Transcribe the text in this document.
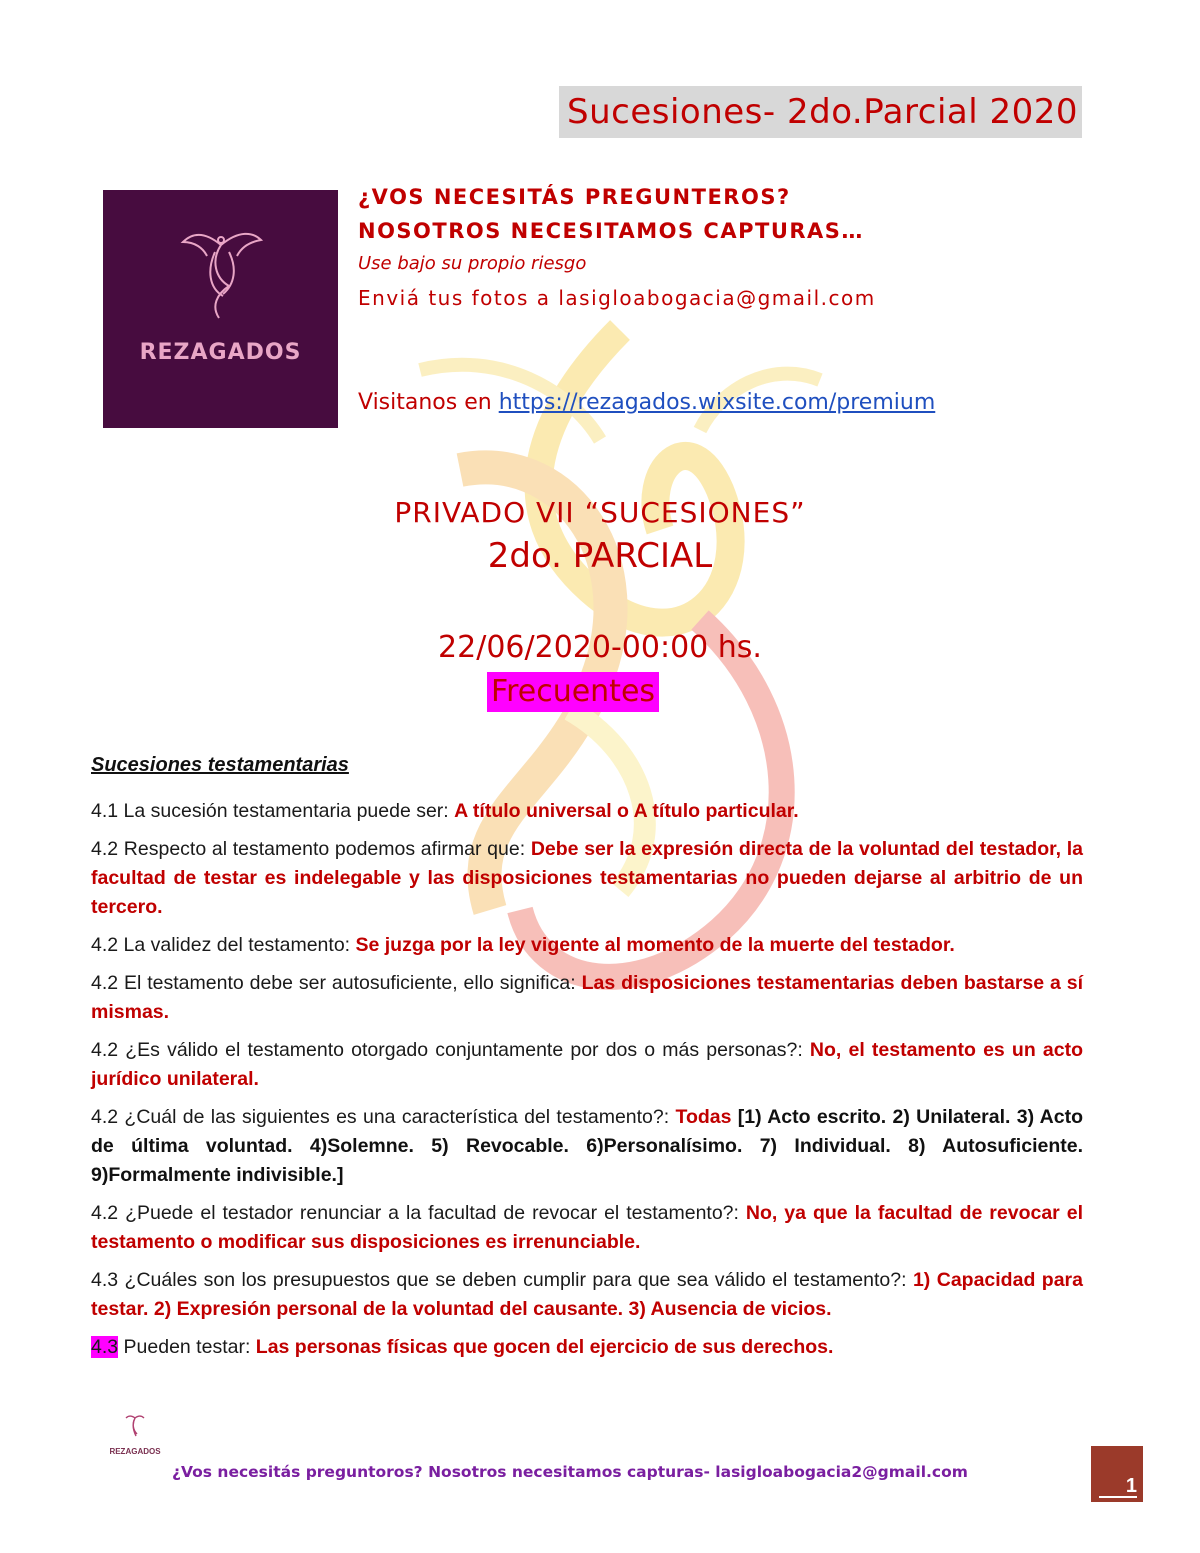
Sucesiones- 2do.Parcial 2020
REZAGADOS
¿VOS NECESITÁS PREGUNTEROS?
NOSOTROS NECESITAMOS CAPTURAS…
Use bajo su propio riesgo
Enviá tus fotos a lasigloabogacia@gmail.com
Visitanos en https://rezagados.wixsite.com/premium
PRIVADO VII “SUCESIONES”
2do. PARCIAL
22/06/2020-00:00 hs.
Frecuentes
Sucesiones testamentarias

4.1 La sucesión testamentaria puede ser: A título universal o A título particular.

4.2 Respecto al testamento podemos afirmar que: Debe ser la expresión directa de la voluntad del testador, la facultad de testar es indelegable y las disposiciones testamentarias no pueden dejarse al arbitrio de un tercero.

4.2 La validez del testamento: Se juzga por la ley vigente al momento de la muerte del testador.

4.2 El testamento debe ser autosuficiente, ello significa: Las disposiciones testamentarias deben bastarse a sí mismas.

4.2 ¿Es válido el testamento otorgado conjuntamente por dos o más personas?: No, el testamento es un acto jurídico unilateral.

4.2 ¿Cuál de las siguientes es una característica del testamento?: Todas [1) Acto escrito. 2) Unilateral. 3) Acto de última voluntad. 4)Solemne. 5) Revocable. 6)Personalísimo. 7) Individual. 8) Autosuficiente. 9)Formalmente indivisible.]

4.2 ¿Puede el testador renunciar a la facultad de revocar el testamento?: No, ya que la facultad de revocar el testamento o modificar sus disposiciones es irrenunciable.

4.3 ¿Cuáles son los presupuestos que se deben cumplir para que sea válido el testamento?: 1) Capacidad para testar. 2) Expresión personal de la voluntad del causante. 3) Ausencia de vicios.

4.3 Pueden testar: Las personas físicas que gocen del ejercicio de sus derechos.

REZAGADOS
¿Vos necesitás preguntoros? Nosotros necesitamos capturas- lasigloabogacia2@gmail.com
1
